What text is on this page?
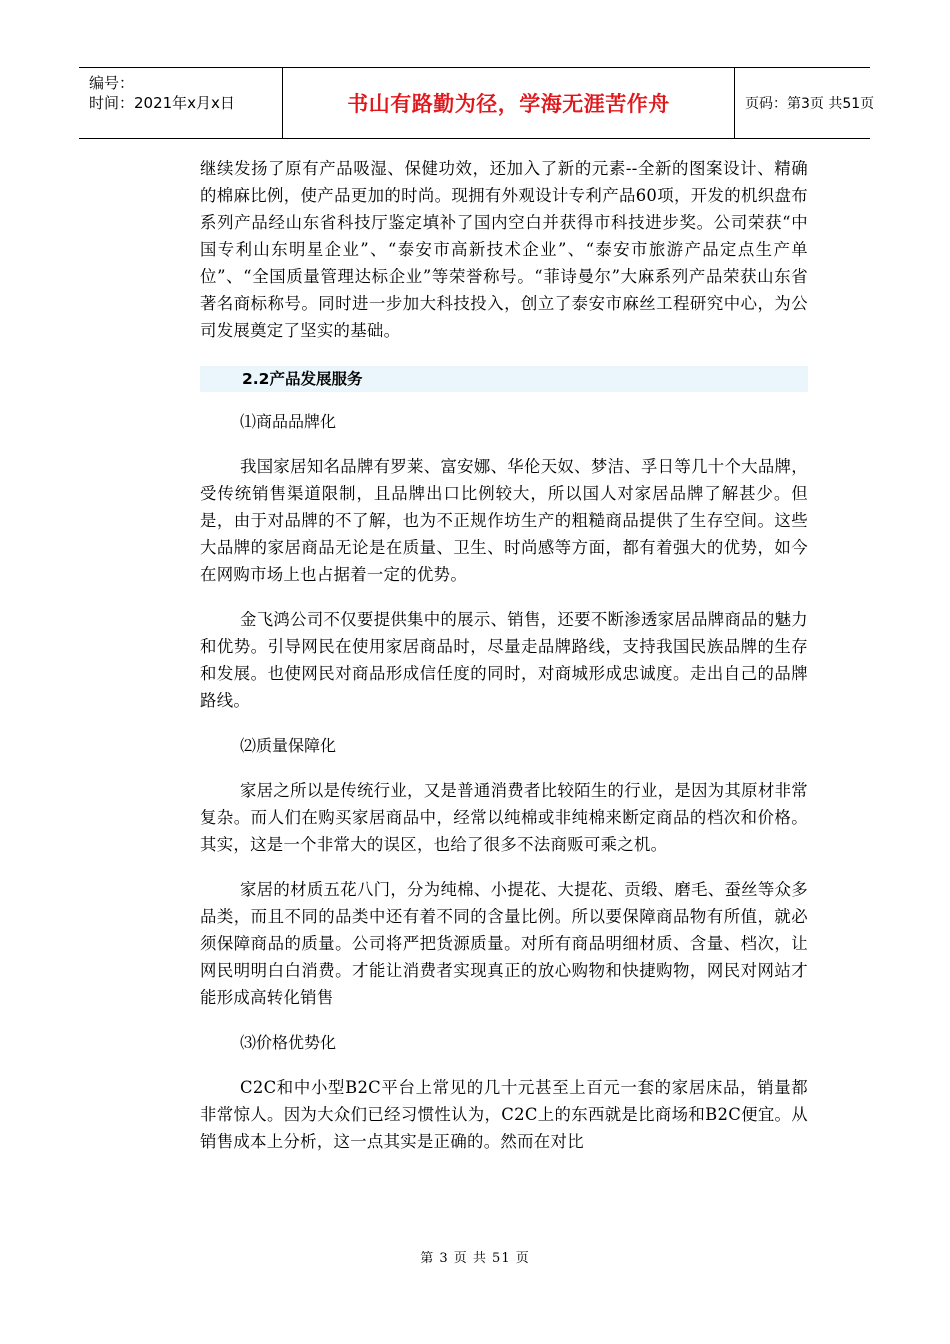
编号：
时间：2021年x月x日	书山有路勤为径，学海无涯苦作舟	页码：第3页 共51页

继续发扬了原有产品吸湿、保健功效，还加入了新的元素--全新的图案设计、精确的棉麻比例，使产品更加的时尚。现拥有外观设计专利产品60项，开发的机织盘布系列产品经山东省科技厅鉴定填补了国内空白并获得市科技进步奖。公司荣获“中国专利山东明星企业”、“泰安市高新技术企业”、“泰安市旅游产品定点生产单位”、“全国质量管理达标企业”等荣誉称号。“菲诗曼尔”大麻系列产品荣获山东省著名商标称号。同时进一步加大科技投入，创立了泰安市麻丝工程研究中心，为公司发展奠定了坚实的基础。

2.2产品发展服务

⑴商品品牌化

我国家居知名品牌有罗莱、富安娜、华伦天奴、梦洁、孚日等几十个大品牌，受传统销售渠道限制，且品牌出口比例较大，所以国人对家居品牌了解甚少。但是，由于对品牌的不了解，也为不正规作坊生产的粗糙商品提供了生存空间。这些大品牌的家居商品无论是在质量、卫生、时尚感等方面，都有着强大的优势，如今在网购市场上也占据着一定的优势。

金飞鸿公司不仅要提供集中的展示、销售，还要不断渗透家居品牌商品的魅力和优势。引导网民在使用家居商品时，尽量走品牌路线，支持我国民族品牌的生存和发展。也使网民对商品形成信任度的同时，对商城形成忠诚度。走出自己的品牌路线。

⑵质量保障化

家居之所以是传统行业，又是普通消费者比较陌生的行业，是因为其原材非常复杂。而人们在购买家居商品中，经常以纯棉或非纯棉来断定商品的档次和价格。其实，这是一个非常大的误区，也给了很多不法商贩可乘之机。

家居的材质五花八门，分为纯棉、小提花、大提花、贡缎、磨毛、蚕丝等众多品类，而且不同的品类中还有着不同的含量比例。所以要保障商品物有所值，就必须保障商品的质量。公司将严把货源质量。对所有商品明细材质、含量、档次，让网民明明白白消费。才能让消费者实现真正的放心购物和快捷购物，网民对网站才能形成高转化销售

⑶价格优势化

C2C和中小型B2C平台上常见的几十元甚至上百元一套的家居床品，销量都非常惊人。因为大众们已经习惯性认为，C2C上的东西就是比商场和B2C便宜。从销售成本上分析，这一点其实是正确的。然而在对比

第 3 页 共 51 页
